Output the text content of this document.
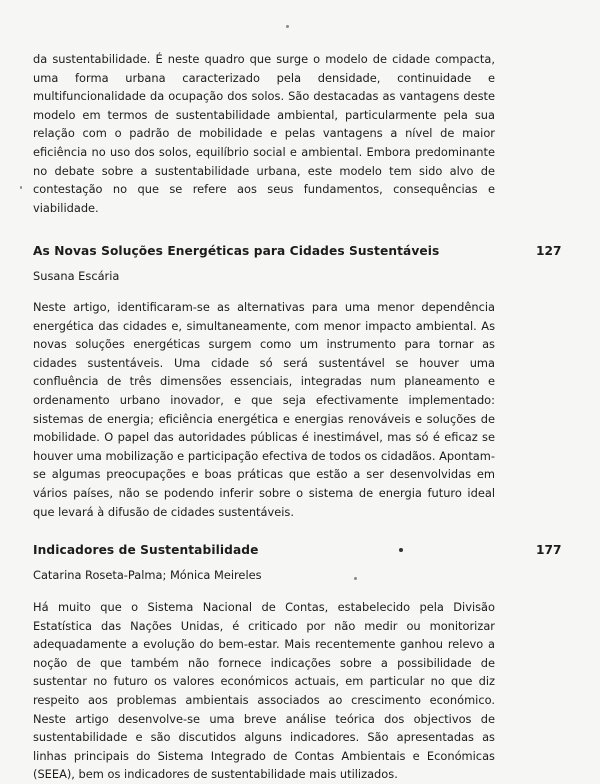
da sustentabilidade. É neste quadro que surge o modelo de cidade compacta, uma forma urbana caracterizado pela densidade, continuidade e multifuncionalidade da ocupação dos solos. São destacadas as vantagens deste modelo em termos de sustentabilidade ambiental, particularmente pela sua relação com o padrão de mobilidade e pelas vantagens a nível de maior eficiência no uso dos solos, equilíbrio social e ambiental. Embora predominante no debate sobre a sustentabilidade urbana, este modelo tem sido alvo de contestação no que se refere aos seus fundamentos, consequências e viabilidade.

As Novas Soluções Energéticas para Cidades Sustentáveis	127

Susana Escária

Neste artigo, identificaram-se as alternativas para uma menor dependência energética das cidades e, simultaneamente, com menor impacto ambiental. As novas soluções energéticas surgem como um instrumento para tornar as cidades sustentáveis. Uma cidade só será sustentável se houver uma confluência de três dimensões essenciais, integradas num planeamento e ordenamento urbano inovador, e que seja efectivamente implementado: sistemas de energia; eficiência energética e energias renováveis e soluções de mobilidade. O papel das autoridades públicas é inestimável, mas só é eficaz se houver uma mobilização e participação efectiva de todos os cidadãos. Apontam-se algumas preocupações e boas práticas que estão a ser desenvolvidas em vários países, não se podendo inferir sobre o sistema de energia futuro ideal que levará à difusão de cidades sustentáveis.

Indicadores de Sustentabilidade	177

Catarina Roseta-Palma; Mónica Meireles

Há muito que o Sistema Nacional de Contas, estabelecido pela Divisão Estatística das Nações Unidas, é criticado por não medir ou monitorizar adequadamente a evolução do bem-estar. Mais recentemente ganhou relevo a noção de que também não fornece indicações sobre a possibilidade de sustentar no futuro os valores económicos actuais, em particular no que diz respeito aos problemas ambientais associados ao crescimento económico. Neste artigo desenvolve-se uma breve análise teórica dos objectivos de sustentabilidade e são discutidos alguns indicadores. São apresentadas as linhas principais do Sistema Integrado de Contas Ambientais e Económicas (SEEA), bem os indicadores de sustentabilidade mais utilizados.
